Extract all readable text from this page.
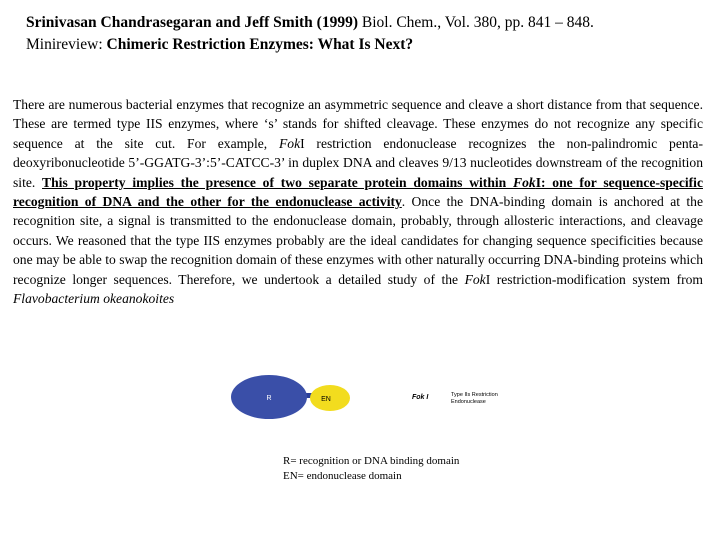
Srinivasan Chandrasegaran and Jeff Smith (1999) Biol. Chem., Vol. 380, pp. 841 – 848.
Minireview: Chimeric Restriction Enzymes: What Is Next?
There are numerous bacterial enzymes that recognize an asymmetric sequence and cleave a short distance from that sequence. These are termed type IIS enzymes, where ‘s’ stands for shifted cleavage. These enzymes do not recognize any specific sequence at the site cut. For example, FokI restriction endonuclease recognizes the non-palindromic penta-deoxyribonucleotide 5’-GGATG-3’:5’-CATCC-3’ in duplex DNA and cleaves 9/13 nucleotides downstream of the recognition site. This property implies the presence of two separate protein domains within FokI: one for sequence-specific recognition of DNA and the other for the endonuclease activity. Once the DNA-binding domain is anchored at the recognition site, a signal is transmitted to the endonuclease domain, probably, through allosteric interactions, and cleavage occurs. We reasoned that the type IIS enzymes probably are the ideal candidates for changing sequence specificities because one may be able to swap the recognition domain of these enzymes with other naturally occurring DNA-binding proteins which recognize longer sequences. Therefore, we undertook a detailed study of the FokI restriction-modification system from Flavobacterium okeanokoites
R	EN	Fok I	Type IIs Restriction
Endonuclease
R= recognition or DNA binding domain
EN= endonuclease domain
